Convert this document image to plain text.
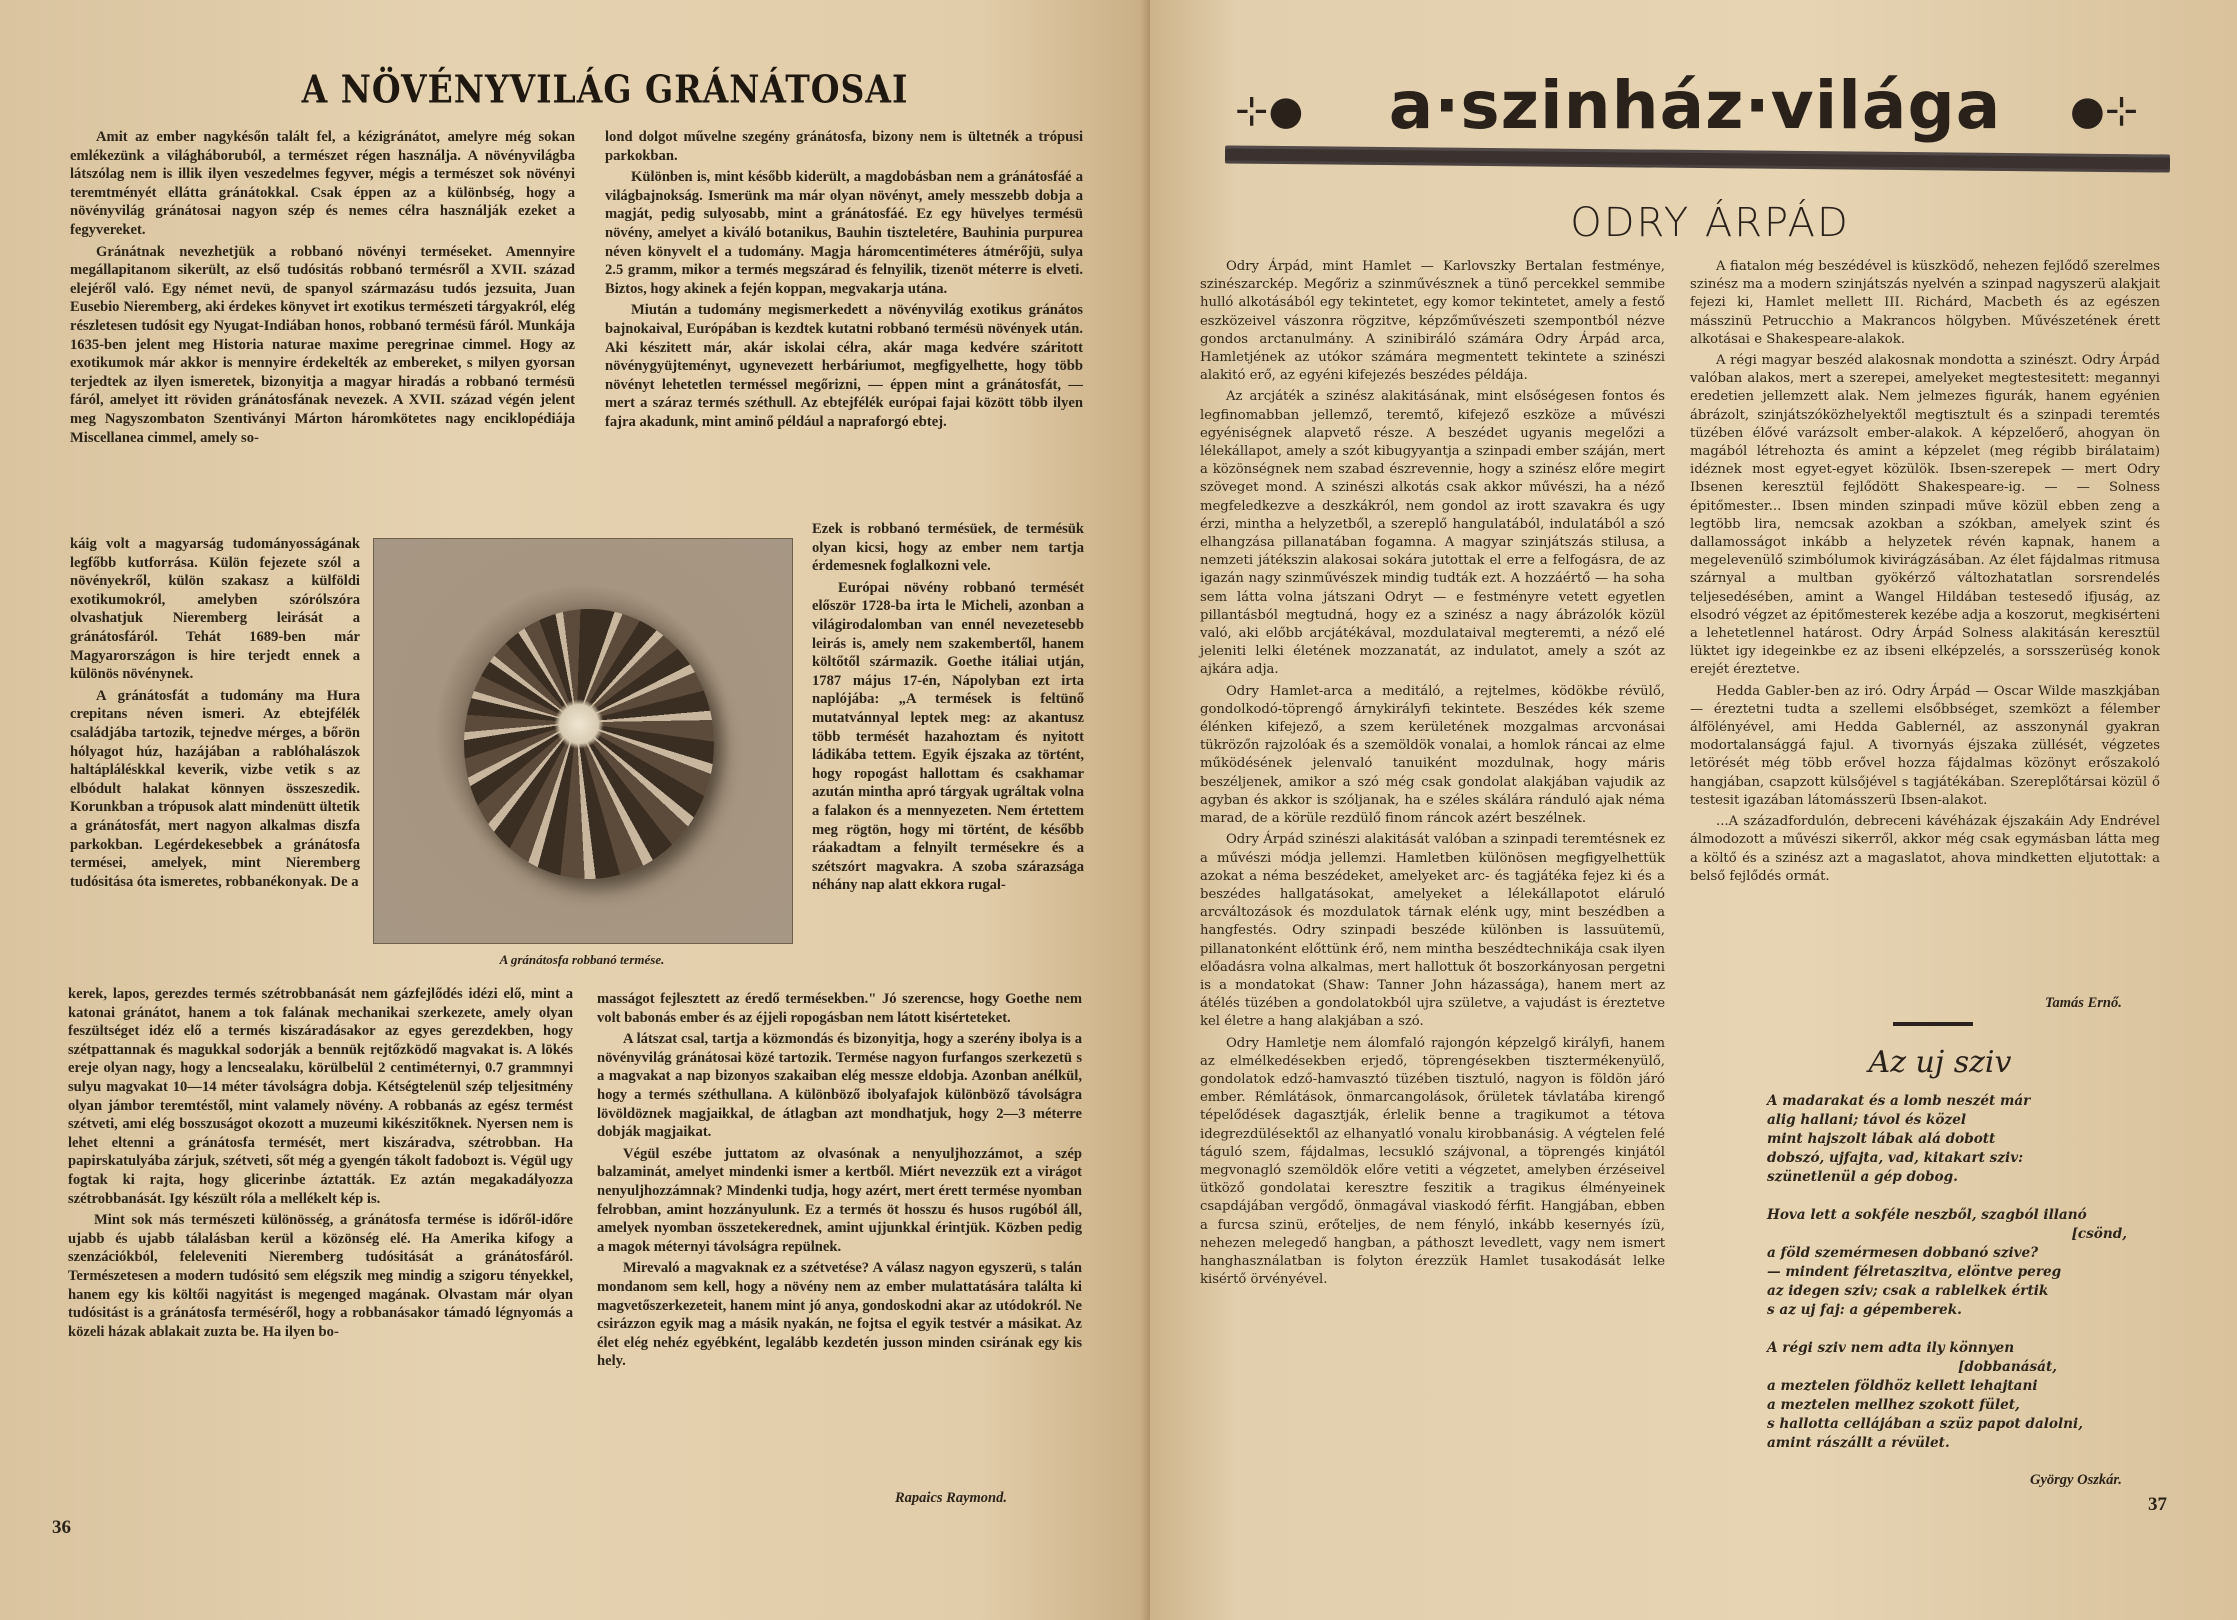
A NÖVÉNYVILÁG GRÁNÁTOSAI

Amit az ember nagykésőn talált fel, a kézigránátot, amelyre még sokan emlékezünk a világháboruból, a természet régen használja. A növényvilágba látszólag nem is illik ilyen veszedelmes fegyver, mégis a természet sok növényi teremtményét ellátta gránátokkal. Csak éppen az a különbség, hogy a növényvilág gránátosai nagyon szép és nemes célra használják ezeket a fegyvereket.

Gránátnak nevezhetjük a robbanó növényi terméseket. Amennyire megállapitanom sikerült, az első tudósitás robbanó termésről a XVII. század elejéről való. Egy német nevü, de spanyol származásu tudós jezsuita, Juan Eusebio Nieremberg, aki érdekes könyvet irt exotikus természeti tárgyakról, elég részletesen tudósit egy Nyugat-Indiában honos, robbanó termésü fáról. Munkája 1635-ben jelent meg Historia naturae maxime peregrinae cimmel. Hogy az exotikumok már akkor is mennyire érdekelték az embereket, s milyen gyorsan terjedtek az ilyen ismeretek, bizonyitja a magyar hiradás a robbanó termésü fáról, amelyet itt röviden gránátosfának nevezek. A XVII. század végén jelent meg Nagyszombaton Szentiványi Márton háromkötetes nagy enciklopédiája Miscellanea cimmel, amely so-

káig volt a magyarság tudományosságának legfőbb kutforrása. Külön fejezete szól a növényekről, külön szakasz a külföldi exotikumokról, amelyben szórólszóra olvashatjuk Nieremberg leirását a gránátosfáról. Tehát 1689-ben már Magyarországon is hire terjedt ennek a különös növénynek.

A gránátosfát a tudomány ma Hura crepitans néven ismeri. Az ebtejfélék családjába tartozik, tejnedve mérges, a bőrön hólyagot húz, hazájában a rablóhalászok haltápláléskkal keverik, vizbe vetik s az elbódult halakat könnyen összeszedik. Korunkban a trópusok alatt mindenütt ültetik a gránátosfát, mert nagyon alkalmas diszfa parkokban. Legérdekesebbek a gránátosfa termései, amelyek, mint Nieremberg tudósitása óta ismeretes, robbanékonyak. De a

kerek, lapos, gerezdes termés szétrobbanását nem gázfejlődés idézi elő, mint a katonai gránátot, hanem a tok falának mechanikai szerkezete, amely olyan feszültséget idéz elő a termés kiszáradásakor az egyes gerezdekben, hogy szétpattannak és magukkal sodorják a bennük rejtőzködő magvakat is. A lökés ereje olyan nagy, hogy a lencsealaku, körülbelül 2 centiméternyi, 0.7 grammnyi sulyu magvakat 10—14 méter távolságra dobja. Kétségtelenül szép teljesitmény olyan jámbor teremtéstől, mint valamely növény. A robbanás az egész termést szétveti, ami elég bosszuságot okozott a muzeumi kikészitőknek. Nyersen nem is lehet eltenni a gránátosfa termését, mert kiszáradva, szétrobban. Ha papirskatulyába zárjuk, szétveti, sőt még a gyengén tákolt fadobozt is. Végül ugy fogtak ki rajta, hogy glicerinbe áztatták. Ez aztán megakadályozza szétrobbanását. Igy készült róla a mellékelt kép is.

Mint sok más természeti különösség, a gránátosfa termése is időről-időre ujabb és ujabb tálalásban kerül a közönség elé. Ha Amerika kifogy a szenzációkból, feleleveniti Nieremberg tudósitását a gránátosfáról. Természetesen a modern tudósitó sem elégszik meg mindig a szigoru tényekkel, hanem egy kis költői nagyitást is megenged magának. Olvastam már olyan tudósitást is a gránátosfa terméséről, hogy a robbanásakor támadó légnyomás a közeli házak ablakait zuzta be. Ha ilyen bo-

lond dolgot művelne szegény gránátosfa, bizony nem is ültetnék a trópusi parkokban.

Különben is, mint később kiderült, a magdobásban nem a gránátosfáé a világbajnokság. Ismerünk ma már olyan növényt, amely messzebb dobja a magját, pedig sulyosabb, mint a gránátosfáé. Ez egy hüvelyes termésü növény, amelyet a kiváló botanikus, Bauhin tiszteletére, Bauhinia purpurea néven könyvelt el a tudomány. Magja háromcentiméteres átmérőjü, sulya 2.5 gramm, mikor a termés megszárad és felnyilik, tizenöt méterre is elveti. Biztos, hogy akinek a fején koppan, megvakarja utána.

Miután a tudomány megismerkedett a növényvilág exotikus gránátos bajnokaival, Európában is kezdtek kutatni robbanó termésü növények után. Aki készitett már, akár iskolai célra, akár maga kedvére száritott növénygyüjteményt, ugynevezett herbáriumot, megfigyelhette, hogy több növényt lehetetlen terméssel megőrizni, — éppen mint a gránátosfát, — mert a száraz termés széthull. Az ebtejfélék európai fajai között több ilyen fajra akadunk, mint aminő például a napraforgó ebtej.

Ezek is robbanó termésüek, de termésük olyan kicsi, hogy az ember nem tartja érdemesnek foglalkozni vele.

Európai növény robbanó termését először 1728-ba irta le Micheli, azonban a világirodalomban van ennél nevezetesebb leirás is, amely nem szakembertől, hanem költőtől származik. Goethe itáliai utján, 1787 május 17-én, Nápolyban ezt irta naplójába: „A termések is feltünő mutatvánnyal leptek meg: az akantusz több termését hazahoztam és nyitott ládikába tettem. Egyik éjszaka az történt, hogy ropogást hallottam és csakhamar azután mintha apró tárgyak ugráltak volna a falakon és a mennyezeten. Nem értettem meg rögtön, hogy mi történt, de később ráakadtam a felnyilt termésekre és a szétszórt magvakra. A szoba szárazsága néhány nap alatt ekkora rugal-

masságot fejlesztett az éredő termésekben." Jó szerencse, hogy Goethe nem volt babonás ember és az éjjeli ropogásban nem látott kisérteteket.

A látszat csal, tartja a közmondás és bizonyitja, hogy a szerény ibolya is a növényvilág gránátosai közé tartozik. Termése nagyon furfangos szerkezetü s a magvakat a nap bizonyos szakaiban elég messze eldobja. Azonban anélkül, hogy a termés széthullana. A különböző ibolyafajok különböző távolságra lövöldöznek magjaikkal, de átlagban azt mondhatjuk, hogy 2—3 méterre dobják magjaikat.

Végül eszébe juttatom az olvasónak a nenyuljhozzámot, a szép balzaminát, amelyet mindenki ismer a kertből. Miért nevezzük ezt a virágot nenyuljhozzámnak? Mindenki tudja, hogy azért, mert érett termése nyomban felrobban, amint hozzányulunk. Ez a termés öt hosszu és husos rugóból áll, amelyek nyomban összetekerednek, amint ujjunkkal érintjük. Közben pedig a magok méternyi távolságra repülnek.

Mirevaló a magvaknak ez a szétvetése? A válasz nagyon egyszerü, s talán mondanom sem kell, hogy a növény nem az ember mulattatására találta ki magvetőszerkezeteit, hanem mint jó anya, gondoskodni akar az utódokról. Ne csirázzon egyik mag a másik nyakán, ne fojtsa el egyik testvér a másikat. Az élet elég nehéz egyébként, legalább kezdetén jusson minden csirának egy kis hely.

A gránátosfa robbanó termése.
Rapaics Raymond.
36
⊹●	a·szinház·világa	●⊹
ODRY ÁRPÁD

Odry Árpád, mint Hamlet — Karlovszky Bertalan festménye, szinészarckép. Megőriz a szinművésznek a tünő percekkel semmibe hulló alkotásából egy tekintetet, egy komor tekintetet, amely a festő eszközeivel vászonra rögzitve, képzőművészeti szempontból nézve gondos arctanulmány. A szinibiráló számára Odry Árpád arca, Hamletjének az utókor számára megmentett tekintete a szinészi alakitó erő, az egyéni kifejezés beszédes példája.

Az arcjáték a szinész alakitásának, mint elsőségesen fontos és legfinomabban jellemző, teremtő, kifejező eszköze a művészi egyéniségnek alapvető része. A beszédet ugyanis megelőzi a lélekállapot, amely a szót kibugyyantja a szinpadi ember száján, mert a közönségnek nem szabad észrevennie, hogy a szinész előre megirt szöveget mond. A szinészi alkotás csak akkor művészi, ha a néző megfeledkezve a deszkákról, nem gondol az irott szavakra és ugy érzi, mintha a helyzetből, a szereplő hangulatából, indulatából a szó elhangzása pillanatában fogamna. A magyar szinjátszás stilusa, a nemzeti játékszin alakosai sokára jutottak el erre a felfogásra, de az igazán nagy szinművészek mindig tudták ezt. A hozzáértő — ha soha sem látta volna játszani Odryt — e festményre vetett egyetlen pillantásból megtudná, hogy ez a szinész a nagy ábrázolók közül való, aki előbb arcjátékával, mozdulataival megteremti, a néző elé jeleniti lelki életének mozzanatát, az indulatot, amely a szót az ajkára adja.

Odry Hamlet-arca a meditáló, a rejtelmes, ködökbe révülő, gondolkodó-töprengő árnykirályfi tekintete. Beszédes kék szeme élénken kifejező, a szem kerületének mozgalmas arcvonásai tükrözőn rajzolóak és a szemöldök vonalai, a homlok ráncai az elme működésének jelenvaló tanuiként mozdulnak, hogy máris beszéljenek, amikor a szó még csak gondolat alakjában vajudik az agyban és akkor is szóljanak, ha e széles skálára ránduló ajak néma marad, de a körüle rezdülő finom ráncok azért beszélnek.

Odry Árpád szinészi alakitását valóban a szinpadi teremtésnek ez a művészi módja jellemzi. Hamletben különösen megfigyelhettük azokat a néma beszédeket, amelyeket arc- és tagjátéka fejez ki és a beszédes hallgatásokat, amelyeket a lélekállapotot eláruló arcváltozások és mozdulatok tárnak elénk ugy, mint beszédben a hangfestés. Odry szinpadi beszéde különben is lassuütemü, pillanatonként előttünk érő, nem mintha beszédtechnikája csak ilyen előadásra volna alkalmas, mert hallottuk őt boszorkányosan pergetni is a mondatokat (Shaw: Tanner John házassága), hanem mert az átélés tüzében a gondolatokból ujra születve, a vajudást is éreztetve kel életre a hang alakjában a szó.

Odry Hamletje nem álomfaló rajongón képzelgő királyfi, hanem az elmélkedésekben erjedő, töprengésekben tisztermékenyülő, gondolatok edző-hamvasztó tüzében tisztuló, nagyon is földön járó ember. Rémlátások, önmarcangolások, őrületek távlatába kirengő tépelődések dagasztják, érlelik benne a tragikumot a tétova idegrezdülésektől az elhanyatló vonalu kirobbanásig. A végtelen felé táguló szem, fájdalmas, lecsukló szájvonal, a töprengés kinjától megvonagló szemöldök előre vetiti a végzetet, amelyben érzéseivel ütköző gondolatai keresztre feszitik a tragikus élményeinek csapdájában vergődő, önmagával viaskodó férfit. Hangjában, ebben a furcsa szinü, erőteljes, de nem fényló, inkább kesernyés ízü, nehezen melegedő hangban, a páthoszt levedlett, vagy nem ismert hanghasználatban is folyton érezzük Hamlet tusakodását lelke kisértő örvényével.

A fiatalon még beszédével is küszködő, nehezen fejlődő szerelmes szinész ma a modern szinjátszás nyelvén a szinpad nagyszerü alakjait fejezi ki, Hamlet mellett III. Richárd, Macbeth és az egészen másszinü Petrucchio a Makrancos hölgyben. Művészetének érett alkotásai e Shakespeare-alakok.

A régi magyar beszéd alakosnak mondotta a szinészt. Odry Árpád valóban alakos, mert a szerepei, amelyeket megtestesitett: megannyi eredetien jellemzett alak. Nem jelmezes figurák, hanem egyénien ábrázolt, szinjátszóközhelyektől megtisztult és a szinpadi teremtés tüzében élővé varázsolt ember-alakok. A képzelőerő, ahogyan ön magából létrehozta és amint a képzelet (meg régibb birálataim) idéznek most egyet-egyet közülök. Ibsen-szerepek — mert Odry Ibsenen keresztül fejlődött Shakespeare-ig. — — Solness épitőmester... Ibsen minden szinpadi műve közül ebben zeng a legtöbb lira, nemcsak azokban a szókban, amelyek szint és dallamosságot inkább a helyzetek révén kapnak, hanem a megelevenülő szimbólumok kivirágzásában. Az élet fájdalmas ritmusa szárnyal a multban gyökérző változhatatlan sorsrendelés teljesedésében, amint a Wangel Hildában testesedő ifjuság, az elsodró végzet az épitőmesterek kezébe adja a koszorut, megkisérteni a lehetetlennel határost. Odry Árpád Solness alakitásán keresztül lüktet igy idegeinkbe ez az ibseni elképzelés, a sorsszerüség konok erejét éreztetve.

Hedda Gabler-ben az iró. Odry Árpád — Oscar Wilde maszkjában — éreztetni tudta a szellemi elsőbbséget, szemközt a félember álfölényével, ami Hedda Gablernél, az asszonynál gyakran modortalansággá fajul. A tivornyás éjszaka züllését, végzetes letörését még több erővel hozza fájdalmas közönyt erőszakoló hangjában, csapzott külsőjével s tagjátékában. Szereplőtársai közül ő testesit igazában látomásszerü Ibsen-alakot.

...A századfordulón, debreceni kávéházak éjszakáin Ady Endrével álmodozott a művészi sikerről, akkor még csak egymásban látta meg a költő és a szinész azt a magaslatot, ahova mindketten eljutottak: a belső fejlődés ormát.

Tamás Ernő.
Az uj sziv
A madarakat és a lomb neszét már
alig hallani; távol és közel
mint hajszolt lábak alá dobott
dobszó, ujfajta, vad, kitakart sziv:
szünetlenül a gép dobog.
Hova lett a sokféle neszből, szagból illanó
[csönd,
a föld szemérmesen dobbanó szive?
— mindent félretaszitva, elöntve pereg
az idegen sziv; csak a rablelkek értik
s az uj faj: a gépemberek.
A régi sziv nem adta ily könnyen
[dobbanását,
a meztelen földhöz kellett lehajtani
a meztelen mellhez szokott fület,
s hallotta cellájában a szüz papot dalolni,
amint rászállt a révület.
György Oszkár.
37
